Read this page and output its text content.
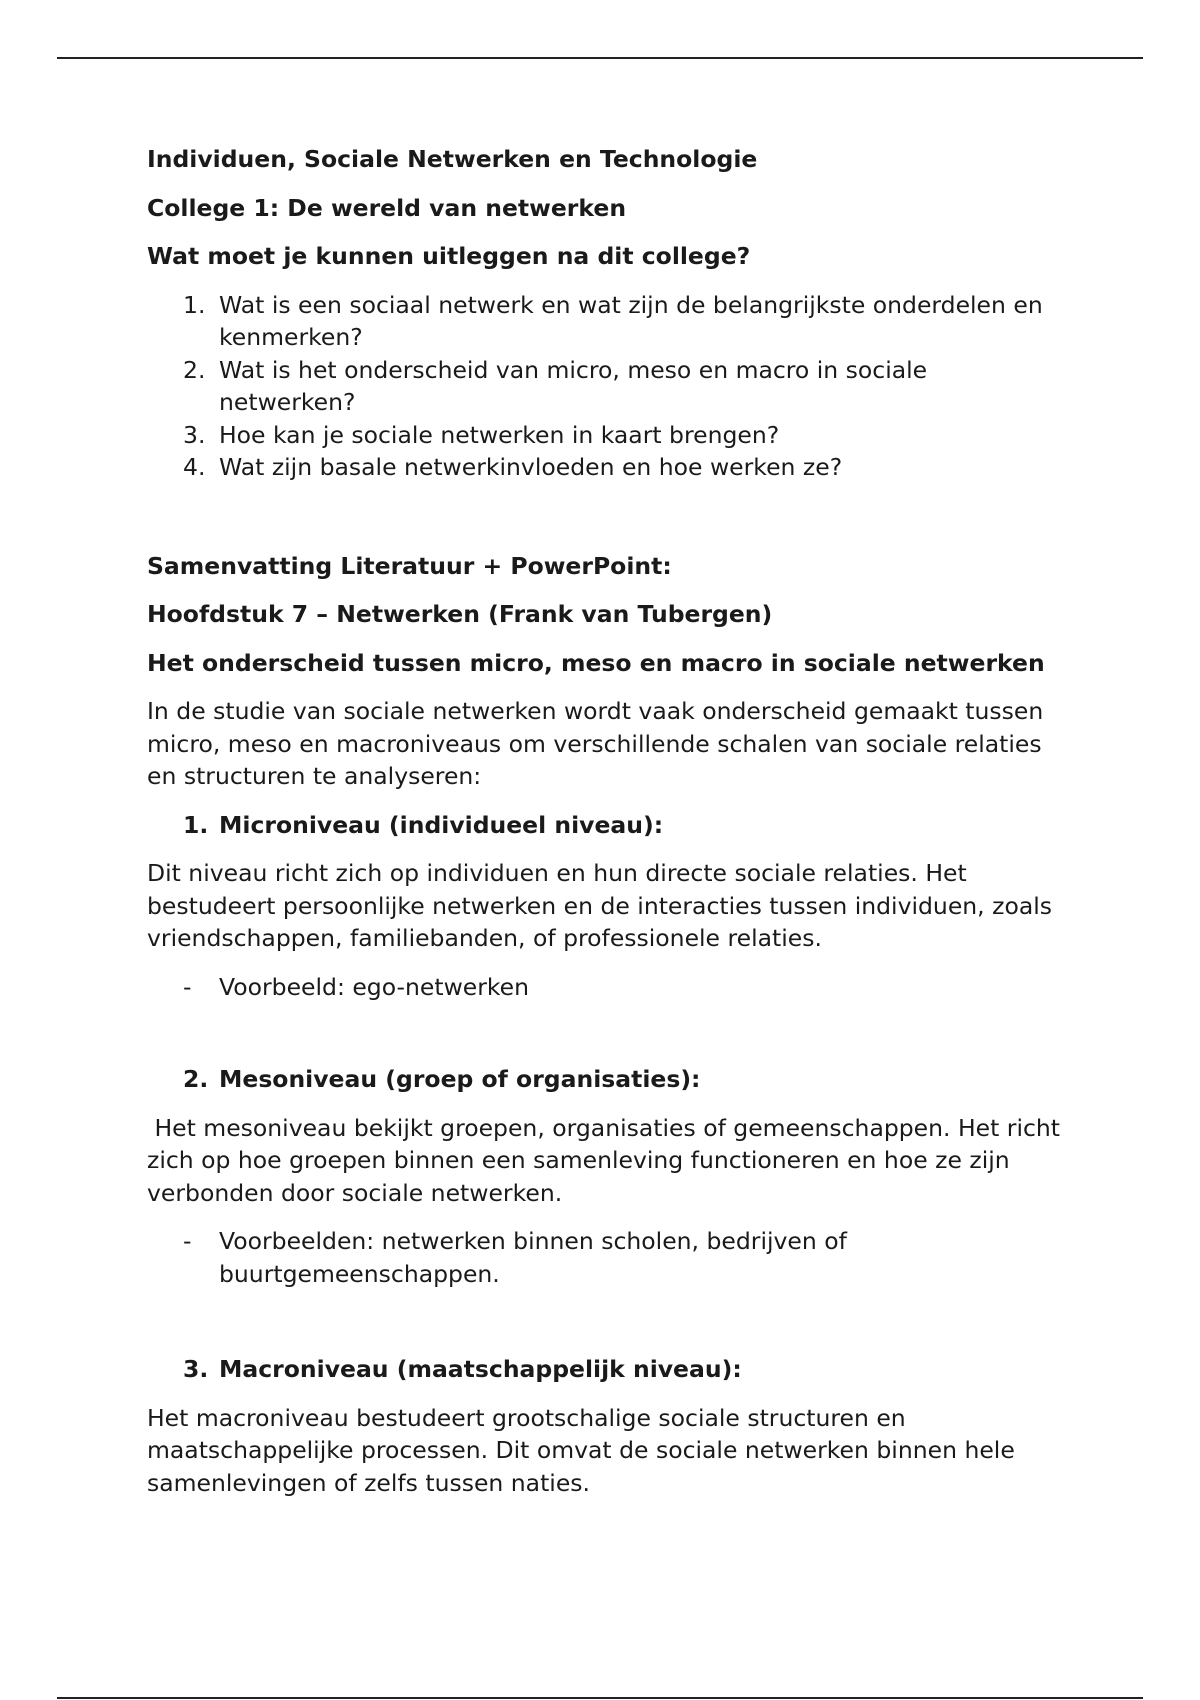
Individuen, Sociale Netwerken en Technologie
College 1: De wereld van netwerken
Wat moet je kunnen uitleggen na dit college?
1. Wat is een sociaal netwerk en wat zijn de belangrijkste onderdelen en kenmerken?
2. Wat is het onderscheid van micro, meso en macro in sociale netwerken?
3. Hoe kan je sociale netwerken in kaart brengen?
4. Wat zijn basale netwerkinvloeden en hoe werken ze?
Samenvatting Literatuur + PowerPoint:
Hoofdstuk 7 – Netwerken (Frank van Tubergen)
Het onderscheid tussen micro, meso en macro in sociale netwerken
In de studie van sociale netwerken wordt vaak onderscheid gemaakt tussen micro, meso en macroniveaus om verschillende schalen van sociale relaties en structuren te analyseren:
1. Microniveau (individueel niveau):
Dit niveau richt zich op individuen en hun directe sociale relaties. Het bestudeert persoonlijke netwerken en de interacties tussen individuen, zoals vriendschappen, familiebanden, of professionele relaties.
- Voorbeeld: ego-netwerken
2. Mesoniveau (groep of organisaties):
Het mesoniveau bekijkt groepen, organisaties of gemeenschappen. Het richt zich op hoe groepen binnen een samenleving functioneren en hoe ze zijn verbonden door sociale netwerken.
- Voorbeelden: netwerken binnen scholen, bedrijven of buurtgemeenschappen.
3. Macroniveau (maatschappelijk niveau):
Het macroniveau bestudeert grootschalige sociale structuren en maatschappelijke processen. Dit omvat de sociale netwerken binnen hele samenlevingen of zelfs tussen naties.
